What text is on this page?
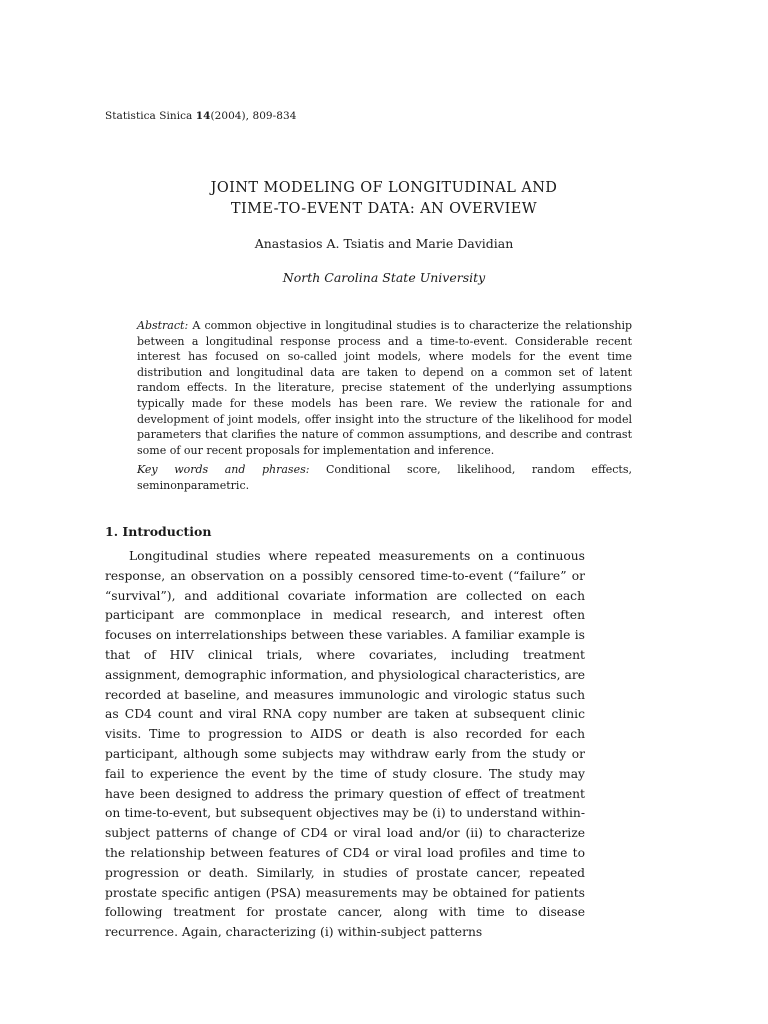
Statistica Sinica 14(2004), 809-834
JOINT MODELING OF LONGITUDINAL AND
TIME-TO-EVENT DATA: AN OVERVIEW
Anastasios A. Tsiatis and Marie Davidian
North Carolina State University
Abstract: A common objective in longitudinal studies is to characterize the relationship between a longitudinal response process and a time-to-event. Considerable recent interest has focused on so-called joint models, where models for the event time distribution and longitudinal data are taken to depend on a common set of latent random effects. In the literature, precise statement of the underlying assumptions typically made for these models has been rare. We review the rationale for and development of joint models, offer insight into the structure of the likelihood for model parameters that clarifies the nature of common assumptions, and describe and contrast some of our recent proposals for implementation and inference.
Key words and phrases: Conditional score, likelihood, random effects, seminonparametric.
1. Introduction
Longitudinal studies where repeated measurements on a continuous response, an observation on a possibly censored time-to-event (“failure” or “survival”), and additional covariate information are collected on each participant are commonplace in medical research, and interest often focuses on interrelationships between these variables. A familiar example is that of HIV clinical trials, where covariates, including treatment assignment, demographic information, and physiological characteristics, are recorded at baseline, and measures immunologic and virologic status such as CD4 count and viral RNA copy number are taken at subsequent clinic visits. Time to progression to AIDS or death is also recorded for each participant, although some subjects may withdraw early from the study or fail to experience the event by the time of study closure. The study may have been designed to address the primary question of effect of treatment on time-to-event, but subsequent objectives may be (i) to understand within-subject patterns of change of CD4 or viral load and/or (ii) to characterize the relationship between features of CD4 or viral load profiles and time to progression or death. Similarly, in studies of prostate cancer, repeated prostate specific antigen (PSA) measurements may be obtained for patients following treatment for prostate cancer, along with time to disease recurrence. Again, characterizing (i) within-subject patterns
